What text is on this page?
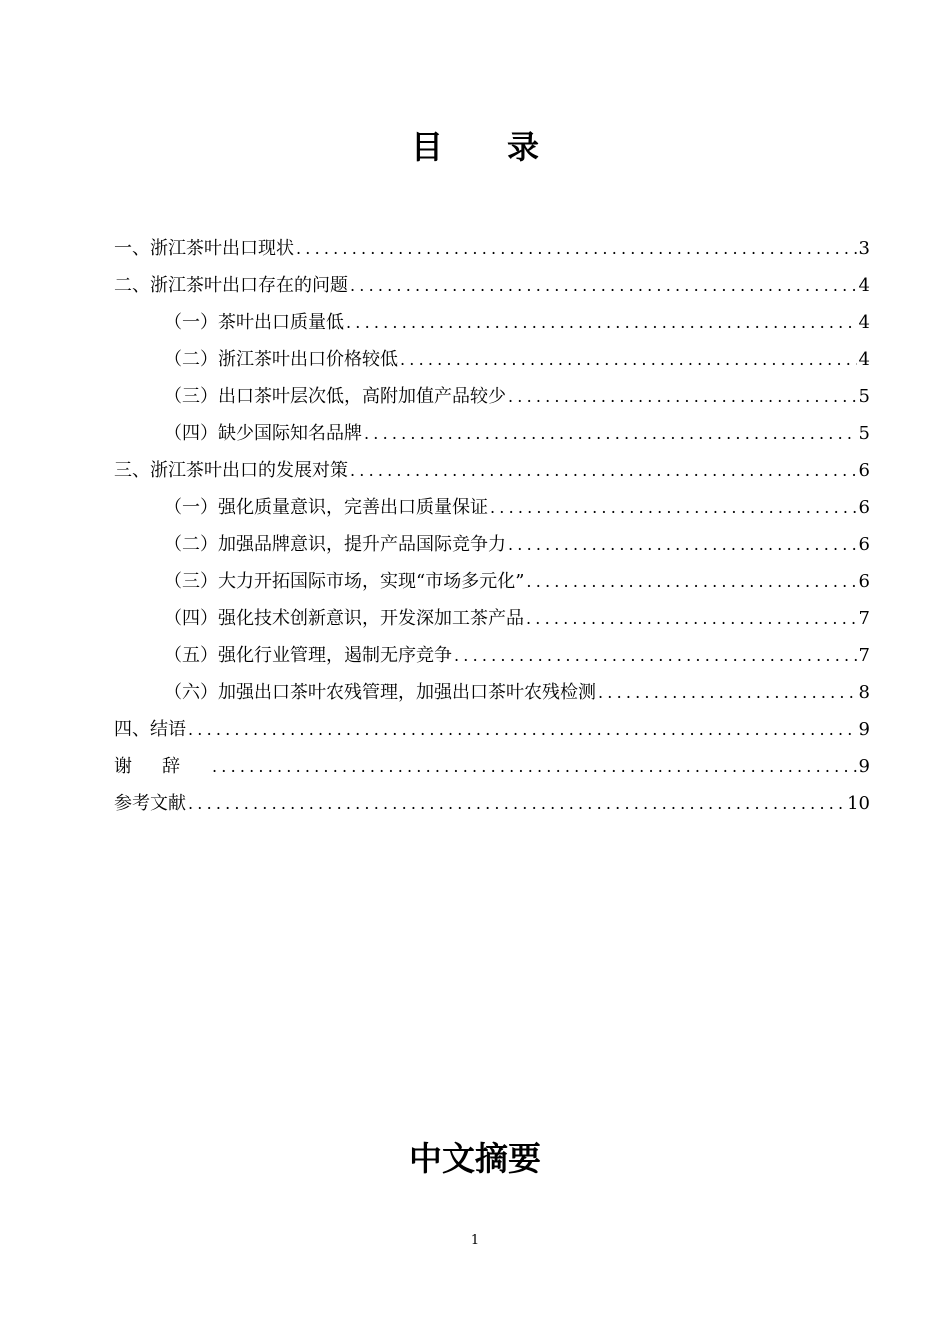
目 录
一、浙江茶叶出口现状 .....	3
二、浙江茶叶出口存在的问题 .....	4
（一）茶叶出口质量低 .....	4
（二）浙江茶叶出口价格较低 .....	4
（三）出口茶叶层次低，高附加值产品较少 .....	5
（四）缺少国际知名品牌 .....	5
三、浙江茶叶出口的发展对策 .....	6
（一）强化质量意识，完善出口质量保证 .....	6
（二）加强品牌意识，提升产品国际竞争力 .....	6
（三）大力开拓国际市场，实现“市场多元化” .....	6
（四）强化技术创新意识，开发深加工茶产品 .....	7
（五）强化行业管理，遏制无序竞争 .....	7
（六）加强出口茶叶农残管理，加强出口茶叶农残检测 .....	8
四、结语 .....	9
谢辞 .....	9
参考文献 .....	10
中文摘要
1
